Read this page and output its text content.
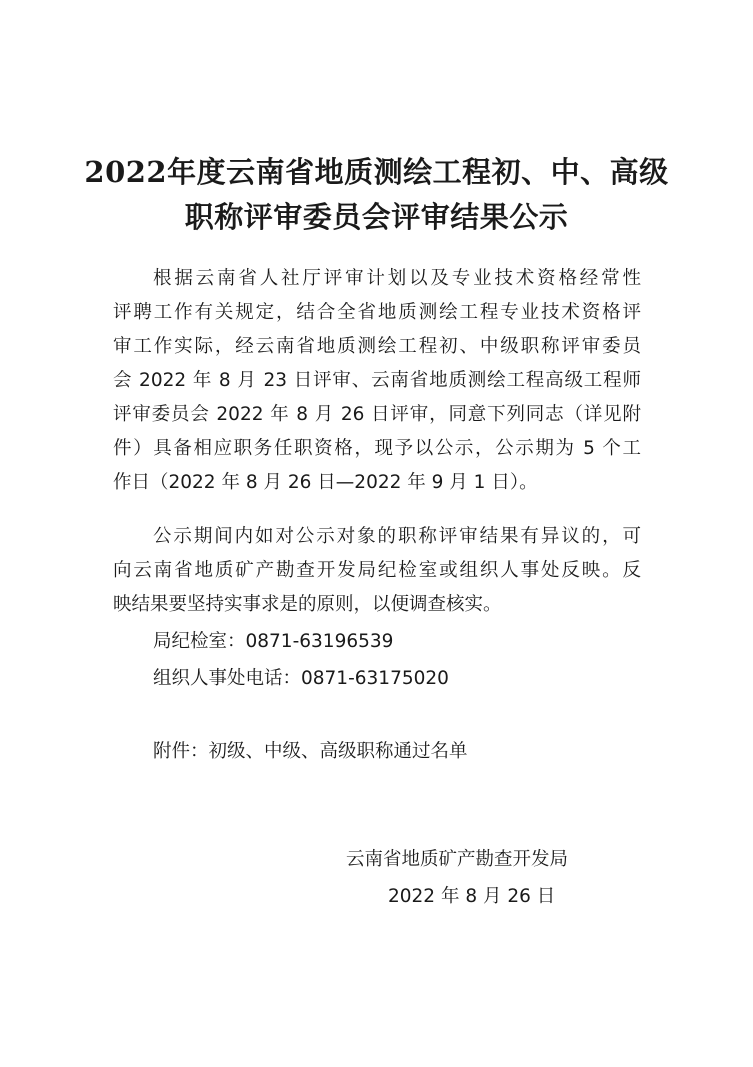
2022年度云南省地质测绘工程初、中、高级
职称评审委员会评审结果公示
根据云南省人社厅评审计划以及专业技术资格经常性
评聘工作有关规定，结合全省地质测绘工程专业技术资格评
审工作实际，经云南省地质测绘工程初、中级职称评审委员
会 2022 年 8 月 23 日评审、云南省地质测绘工程高级工程师
评审委员会 2022 年 8 月 26 日评审，同意下列同志（详见附
件）具备相应职务任职资格，现予以公示，公示期为 5 个工
作日（2022 年 8 月 26 日—2022 年 9 月 1 日）。
公示期间内如对公示对象的职称评审结果有异议的，可
向云南省地质矿产勘查开发局纪检室或组织人事处反映。反
映结果要坚持实事求是的原则，以便调查核实。
局纪检室：0871-63196539
组织人事处电话：0871-63175020
附件：初级、中级、高级职称通过名单
云南省地质矿产勘查开发局
2022 年 8 月 26 日
